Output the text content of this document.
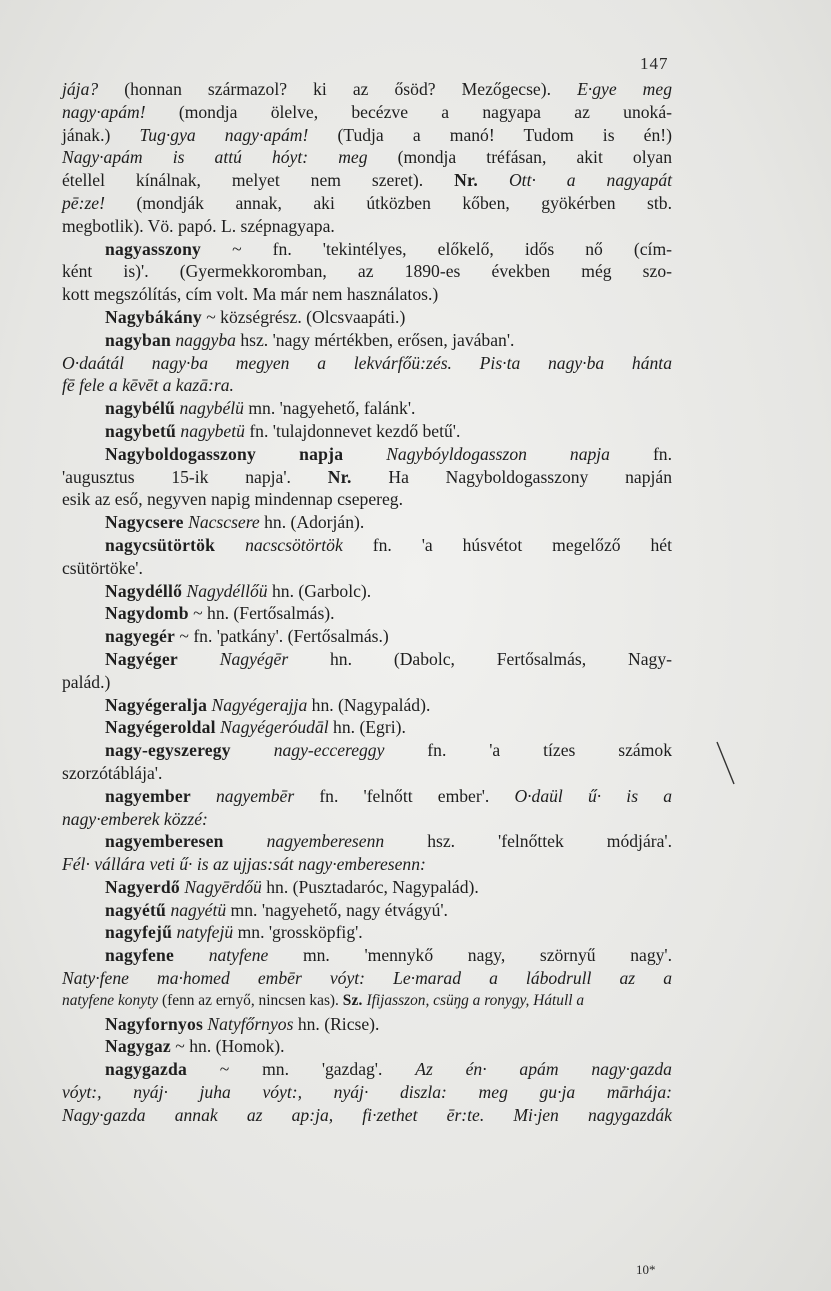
147
jája? (honnan származol? ki az ősöd? Mezőgecse). E·gye meg
nagy·apám! (mondja ölelve, becézve a nagyapa az unoká-
jának.) Tug·gya nagy·apám! (Tudja a manó! Tudom is én!)
Nagy·apám is attú hóyt: meg (mondja tréfásan, akit olyan
étellel kínálnak, melyet nem szeret). Nr. Ott· a nagyapát
pē:ze! (mondják annak, aki útközben kőben, gyökérben stb.
megbotlik). Vö. papó. L. szépnagyapa.
nagyasszony ~ fn. 'tekintélyes, előkelő, idős nő (cím-
ként is)'. (Gyermekkoromban, az 1890-es években még szo-
kott megszólítás, cím volt. Ma már nem használatos.)
Nagybákány ~ községrész. (Olcsvaapáti.)
nagyban naggyba hsz. 'nagy mértékben, erősen, javában'.
O·daátál nagy·ba megyen a lekvárfőü:zés. Pis·ta nagy·ba hánta
fē fele a kēvēt a kazā:ra.
nagybélű nagybélü mn. 'nagyehető, falánk'.
nagybetű nagybetü fn. 'tulajdonnevet kezdő betű'.
Nagyboldogasszony napja Nagybóyldogasszon napja fn.
'augusztus 15-ik napja'. Nr. Ha Nagyboldogasszony napján
esik az eső, negyven napig mindennap csepereg.
Nagycsere Nacscsere hn. (Adorján).
nagycsütörtök nacscsötörtök fn. 'a húsvétot megelőző hét
csütörtöke'.
Nagydéllő Nagydéllőü hn. (Garbolc).
Nagydomb ~ hn. (Fertősalmás).
nagyegér ~ fn. 'patkány'. (Fertősalmás.)
Nagyéger Nagyégēr hn. (Dabolc, Fertősalmás, Nagy-
palád.)
Nagyégeralja Nagyégerajja hn. (Nagypalád).
Nagyégeroldal Nagyégeróudāl hn. (Egri).
nagy-egyszeregy nagy-eccereggy fn. 'a tízes számok
szorzótáblája'.
nagyember nagyembēr fn. 'felnőtt ember'. O·daül ű· is a
nagy·emberek közzé:
nagyemberesen nagyemberesenn hsz. 'felnőttek módjára'.
Fél· vállára veti ű· is az ujjas:sát nagy·emberesenn:
Nagyerdő Nagyērdőü hn. (Pusztadaróc, Nagypalád).
nagyétű nagyétü mn. 'nagyehető, nagy étvágyú'.
nagyfejű natyfejü mn. 'grossköpfig'.
nagyfene natyfene mn. 'mennykő nagy, szörnyű nagy'.
Naty·fene ma·homed embēr vóyt: Le·marad a lábodrull az a
natyfene konyty (fenn az ernyő, nincsen kas). Sz. Ifijasszon, csüŋg a ronygy, Hátull a
Nagyfornyos Natyfőrnyos hn. (Ricse).
Nagygaz ~ hn. (Homok).
nagygazda ~ mn. 'gazdag'. Az én· apám nagy·gazda
vóyt:, nyáj· juha vóyt:, nyáj· diszla: meg gu·ja mārhája:
Nagy·gazda annak az ap:ja, fi·zethet ēr:te. Mi·jen nagygazdák
10*
